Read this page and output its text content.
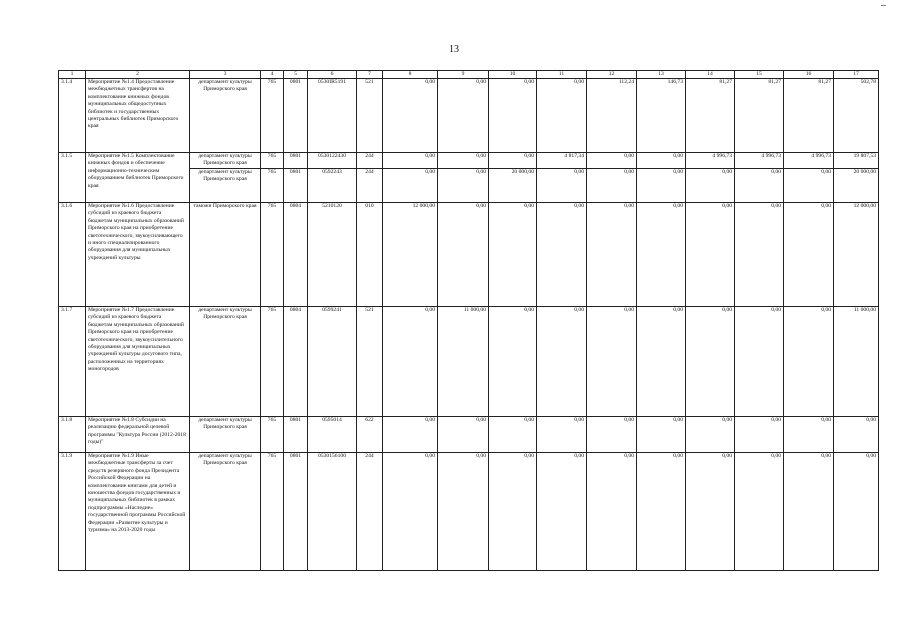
–
13
1	2	3	4	5	6	7	8	9	10	11	12	13	14	15	16	17
3.1.4	Мероприятие №1.4 Предоставление межбюджетных трансфертов на комплектование книжных фондов муниципальных общедоступных библиотек и государственных центральных библиотек Приморского края	департамент культуры Приморского края	765	0801	0530IR5191	521	0,00	0,00	0,00	0,00	112,24	146,73	81,27	81,27	81,27	502,78
3.1.5	Мероприятие №1.5 Комплектование книжных фондов и обеспечение информационно-техническим оборудованием библиотек Приморского края	департамент культуры Приморского края	765	0801	0530122430	244	0,00	0,00	0,00	4 817,34	0,00	0,00	4 996,73	4 996,73	4 996,73	19 807,53
		департамент культуры Приморского края	765	0801	0592243	244	0,00	0,00	20 000,00	0,00	0,00	0,00	0,00	0,00	0,00	20 000,00
3.1.6	Мероприятие №1.6 Предоставление субсидий из краевого бюджета бюджетам муниципальных образований Приморского края на приобретение светотехнического, звукоусиливающего и иного специализированного оборудования для муниципальных учреждений культуры	таможн Приморского края	765	0804	5210120	010	12 000,00	0,00	0,00	0,00	0,00	0,00	0,00	0,00	0,00	12 000,00
3.1.7	Мероприятие №1.7 Предоставление субсидий из краевого бюджета бюджетам муниципальных образований Приморского края на приобретение светотехнического, звукоусилительного оборудования для муниципальных учреждений культуры досугового типа, расположенных на территориях моногородов	департамент культуры Приморского края	765	0804	0599241	521	0,00	11 000,00	0,00	0,00	0,00	0,00	0,00	0,00	0,00	11 000,00
3.1.8	Мероприятие №1.8 Субсидии на реализацию федеральной целевой программы "Культура России (2012-2018 годы)"	департамент культуры Приморского края	765	0801	0595014	622	0,00	0,00	0,00	0,00	0,00	0,00	0,00	0,00	0,00	0,00
3.1.9	Мероприятие №1.9 Иные межбюджетные трансферты за счет средств резервного фонда Президента Российской Федерации на комплектование книгами для детей и юношества фондов государственных и муниципальных библиотек в рамках подпрограммы «Наследие» государственной программы Российской Федерации «Развитие культуры и туризма» на 2013-2020 годы	департамент культуры Приморского края	765	0801	0530156100	244	0,00	0,00	0,00	0,00	0,00	0,00	0,00	0,00	0,00	0,00
